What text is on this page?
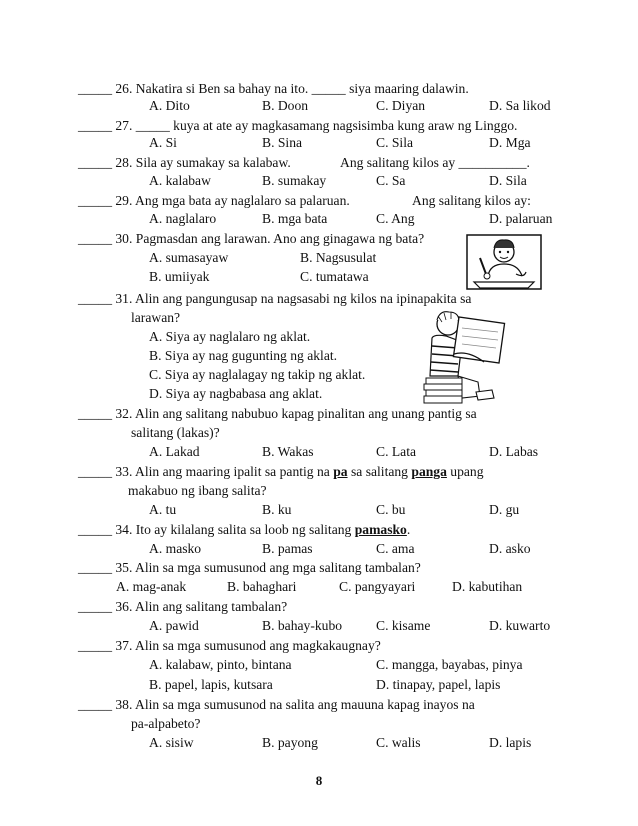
_____ 26. Nakatira si Ben sa bahay na ito. _____ siya maaring dalawin.
A. Dito	B. Doon	C. Diyan	D. Sa likod
_____ 27. _____ kuya at ate ay magkasamang nagsisimba kung araw ng Linggo.
A. Si	B. Sina	C. Sila	D. Mga
_____ 28. Sila ay sumakay sa kalabaw.	Ang salitang kilos ay __________.
A. kalabaw	B. sumakay	C. Sa	D. Sila
_____ 29. Ang mga bata ay naglalaro sa palaruan.	Ang salitang kilos ay:
A. naglalaro	B. mga bata	C. Ang	D. palaruan
_____ 30. Pagmasdan ang larawan. Ano ang ginagawa ng bata?
A. sumasayaw	B. Nagsusulat
B. umiiyak	C. tumatawa
_____ 31. Alin ang pangungusap na nagsasabi ng kilos na ipinapakita sa
larawan?
A. Siya ay naglalaro ng aklat.
B. Siya ay nag gugunting ng aklat.
C. Siya ay naglalagay ng takip ng aklat.
D. Siya ay nagbabasa ang aklat.
_____ 32. Alin ang salitang nabubuo kapag pinalitan ang unang pantig sa
salitang (lakas)?
A. Lakad	B. Wakas	C. Lata	D. Labas
_____ 33. Alin ang maaring ipalit sa pantig na pa sa salitang panga upang
makabuo ng ibang salita?
A. tu	B. ku	C. bu	D. gu
_____ 34. Ito ay kilalang salita sa loob ng salitang pamasko.
A. masko	B. pamas	C. ama	D. asko
_____ 35. Alin sa mga sumusunod ang mga salitang tambalan?
A. mag-anak	B. bahaghari	C. pangyayari	D. kabutihan
_____ 36. Alin ang salitang tambalan?
A. pawid	B. bahay-kubo C. kisame	D. kuwarto
_____ 37. Alin sa mga sumusunod ang magkakaugnay?
A. kalabaw, pinto, bintana	C. mangga, bayabas, pinya
B. papel, lapis, kutsara	D. tinapay, papel, lapis
_____ 38. Alin sa mga sumusunod na salita ang mauuna kapag inayos na
pa-alpabeto?
A. sisiw	B. payong	C. walis	D. lapis
8
